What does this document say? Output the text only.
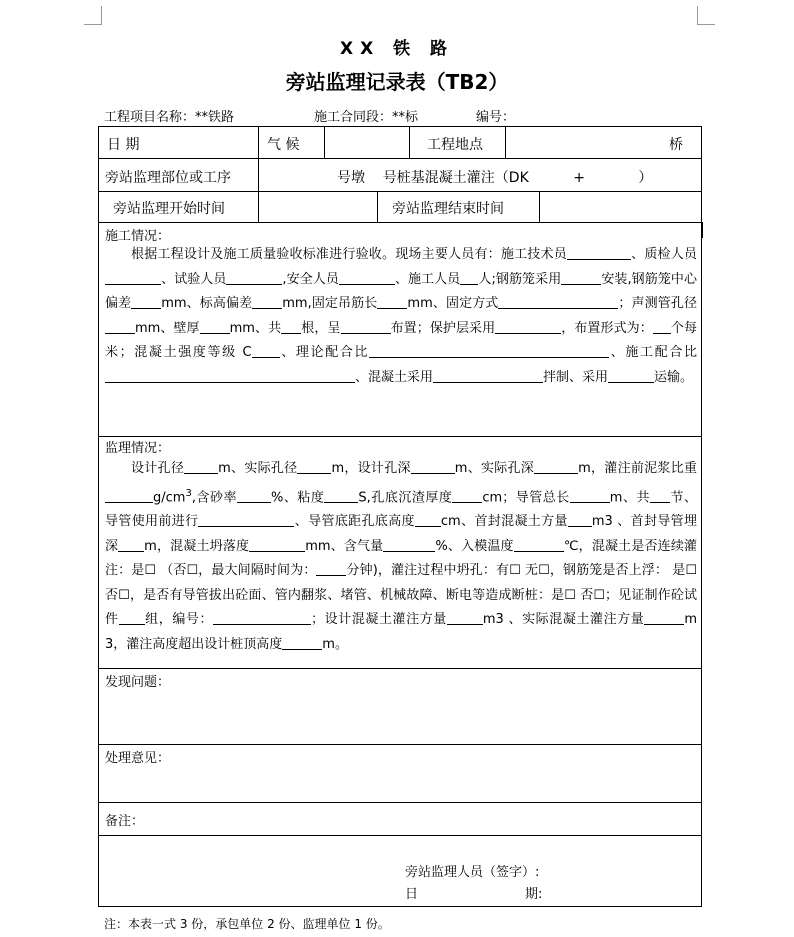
XX 铁 路
旁站监理记录表（TB2）
工程项目名称：**铁路	施工合同段：**标	编号：
日 期	气 候	工程地点	桥
旁站监理部位或工序	号墩    号桩基混凝土灌注（DK          +            ）
旁站监理开始时间	旁站监理结束时间
施工情况：

根据工程设计及施工质量验收标准进行验收。现场主要人员有：施工技术员	、质检人员、试验人员	,安全人员	、施工人员 人;钢筋笼采用	安装,钢筋笼中心偏差 mm、标高偏差 mm,固定吊筋长 mm、固定方式	；声测管孔径mm、壁厚 mm、共 根，呈	布置；保护层采用	，布置形式为： 个每米；混凝土强度等级 C 、理论配合比	、施工配合比、混凝土采用	拌制、采用	运输。

监理情况：

设计孔径	m、实际孔径	m，设计孔深	m、实际孔深	m，灌注前泥浆比重$g/cm^3$,含砂率	%、粘度	S,孔底沉渣厚度 cm；导管总长	m、共 节、导管使用前进行	、导管底距孔底高度 cm、首封混凝土方量 m3 、首封导管埋深 m，混凝土坍落度	mm、含气量	%、入模温度	℃，混凝土是否连续灌注：是☐ （否☐，最大间隔时间为： 分钟)，灌注过程中坍孔：有☐ 无☐，钢筋笼是否上浮： 是☐ 否☐，是否有导管拔出砼面、管内翻浆、堵管、机械故障、断电等造成断桩：是☐ 否☐；见证制作砼试件 组，编号：	；设计混凝土灌注方量	m3 、实际混凝土灌注方量	m3，灌注高度超出设计桩顶高度	m。

发现问题：
处理意见：
备注：
旁站监理人员（签字）:
日	期:
注：本表一式 3 份，承包单位 2 份、监理单位 1 份。
